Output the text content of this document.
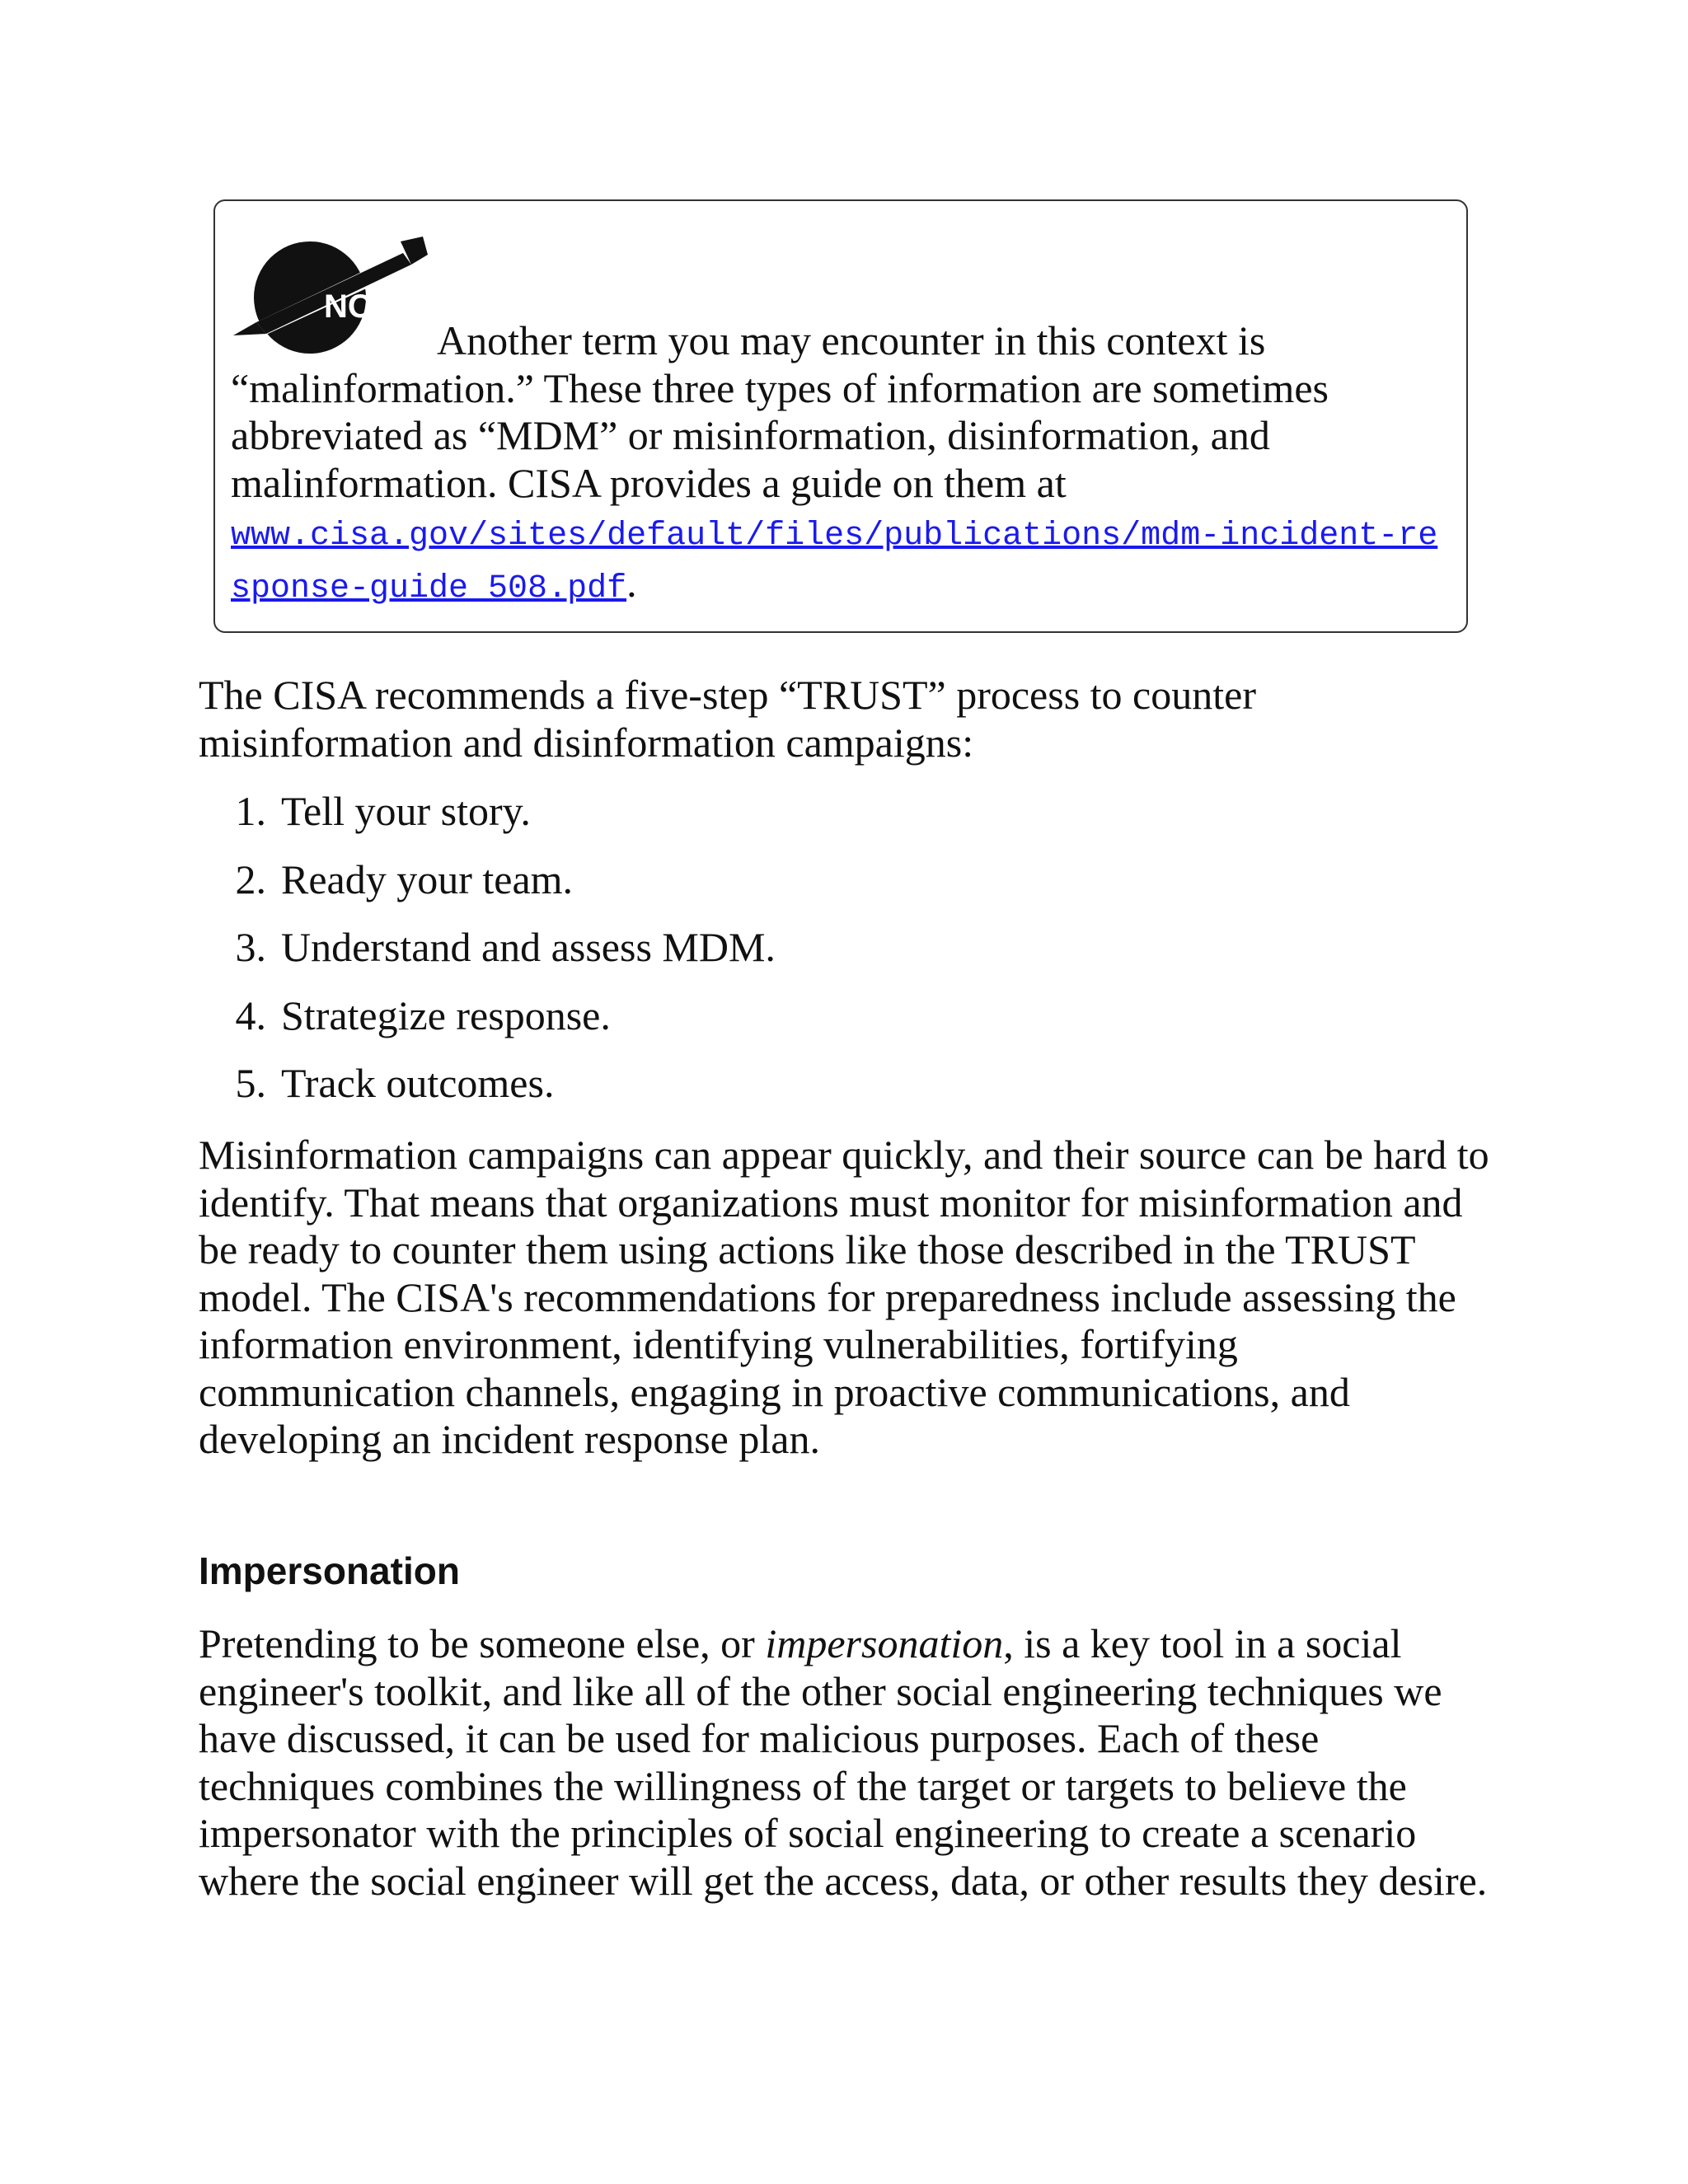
NOTE

Another term you may encounter in this context is “malinformation.” These three types of information are sometimes abbreviated as “MDM” or misinformation, disinformation, and malinformation. CISA provides a guide on them at
www.cisa.gov/sites/default/files/publications/mdm-incident-response-guide_508.pdf.

The CISA recommends a five-step “TRUST” process to counter misinformation and disinformation campaigns:

1. Tell your story.
2. Ready your team.
3. Understand and assess MDM.
4. Strategize response.
5. Track outcomes.

Misinformation campaigns can appear quickly, and their source can be hard to identify. That means that organizations must monitor for misinformation and be ready to counter them using actions like those described in the TRUST model. The CISA's recommendations for preparedness include assessing the information environment, identifying vulnerabilities, fortifying communication channels, engaging in proactive communications, and developing an incident response plan.

Impersonation

Pretending to be someone else, or impersonation, is a key tool in a social engineer's toolkit, and like all of the other social engineering techniques we have discussed, it can be used for malicious purposes. Each of these techniques combines the willingness of the target or targets to believe the impersonator with the principles of social engineering to create a scenario where the social engineer will get the access, data, or other results they desire.
